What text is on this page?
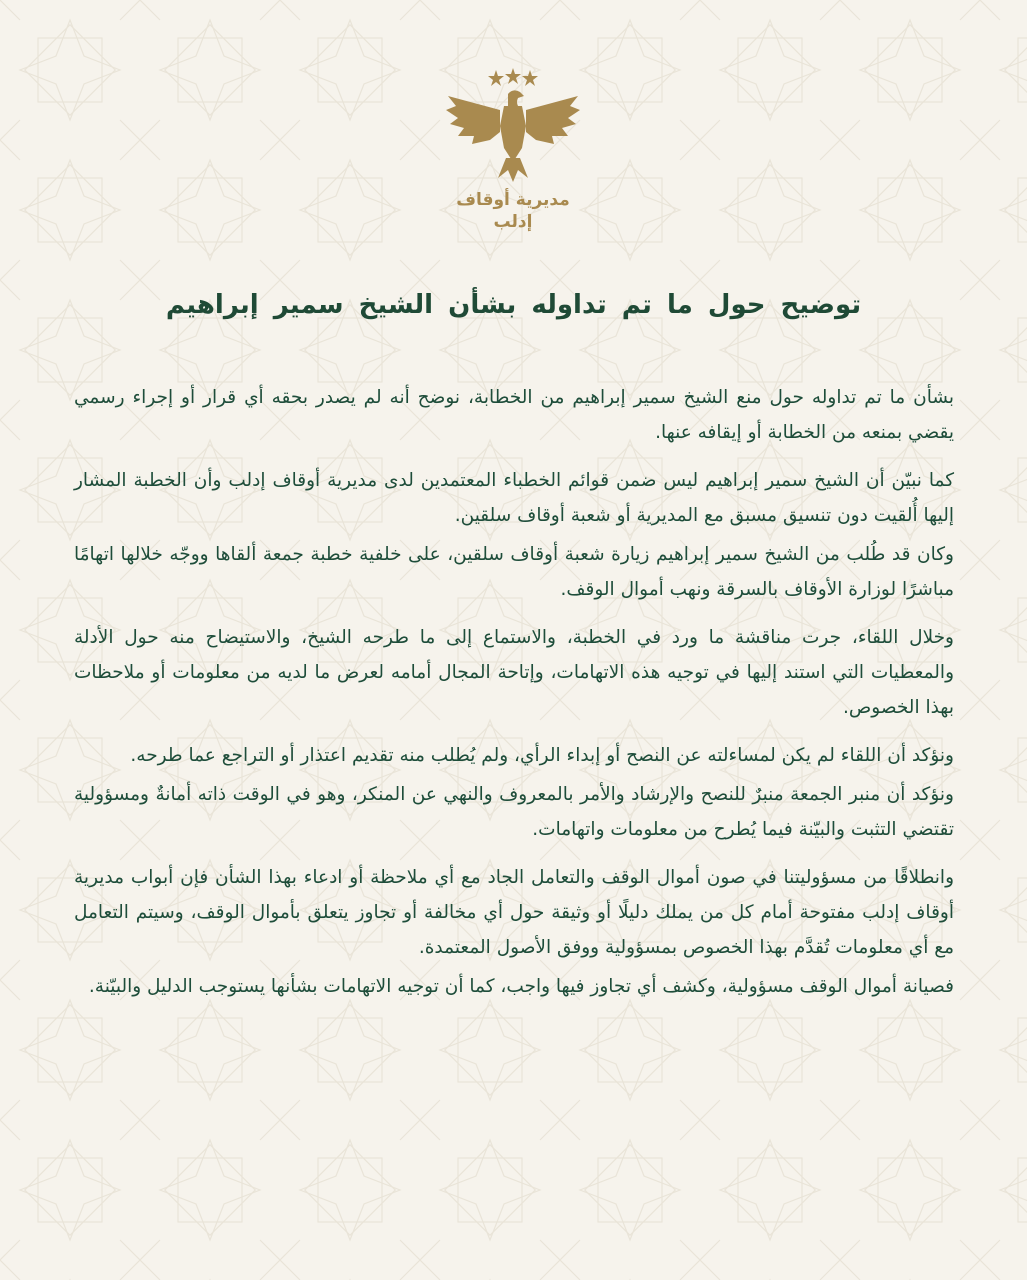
مديرية أوقاف
إدلب
توضيح حول ما تم تداوله بشأن الشيخ سمير إبراهيم

بشأن ما تم تداوله حول منع الشيخ سمير إبراهيم من الخطابة، نوضح أنه لم يصدر بحقه أي قرار أو إجراء رسمي يقضي بمنعه من الخطابة أو إيقافه عنها.

كما نبيّن أن الشيخ سمير إبراهيم ليس ضمن قوائم الخطباء المعتمدين لدى مديرية أوقاف إدلب وأن الخطبة المشار إليها أُلقيت دون تنسيق مسبق مع المديرية أو شعبة أوقاف سلقين.

وكان قد طُلب من الشيخ سمير إبراهيم زيارة شعبة أوقاف سلقين، على خلفية خطبة جمعة ألقاها ووجّه خلالها اتهامًا مباشرًا لوزارة الأوقاف بالسرقة ونهب أموال الوقف.

وخلال اللقاء، جرت مناقشة ما ورد في الخطبة، والاستماع إلى ما طرحه الشيخ، والاستيضاح منه حول الأدلة والمعطيات التي استند إليها في توجيه هذه الاتهامات، وإتاحة المجال أمامه لعرض ما لديه من معلومات أو ملاحظات بهذا الخصوص.

ونؤكد أن اللقاء لم يكن لمساءلته عن النصح أو إبداء الرأي، ولم يُطلب منه تقديم اعتذار أو التراجع عما طرحه.

ونؤكد أن منبر الجمعة منبرٌ للنصح والإرشاد والأمر بالمعروف والنهي عن المنكر، وهو في الوقت ذاته أمانةٌ ومسؤولية تقتضي التثبت والبيّنة فيما يُطرح من معلومات واتهامات.

وانطلاقًا من مسؤوليتنا في صون أموال الوقف والتعامل الجاد مع أي ملاحظة أو ادعاء بهذا الشأن فإن أبواب مديرية أوقاف إدلب مفتوحة أمام كل من يملك دليلًا أو وثيقة حول أي مخالفة أو تجاوز يتعلق بأموال الوقف، وسيتم التعامل مع أي معلومات تُقدَّم بهذا الخصوص بمسؤولية ووفق الأصول المعتمدة.

فصيانة أموال الوقف مسؤولية، وكشف أي تجاوز فيها واجب، كما أن توجيه الاتهامات بشأنها يستوجب الدليل والبيّنة.
